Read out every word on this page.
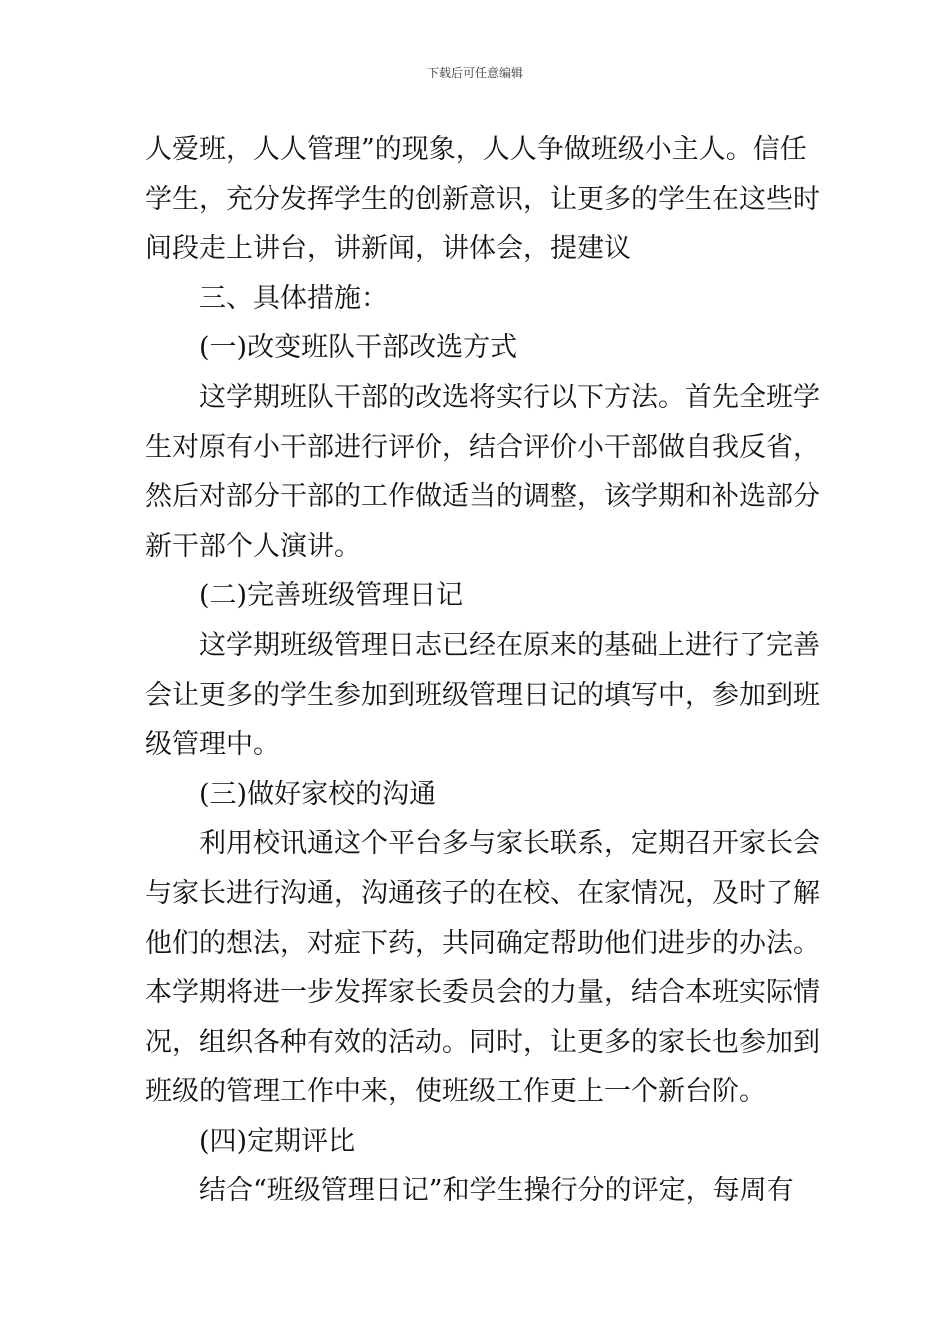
下载后可任意编辑
人爱班，人人管理”的现象，人人争做班级小主人。信任
学生，充分发挥学生的创新意识，让更多的学生在这些时
间段走上讲台，讲新闻，讲体会，提建议
三、具体措施：
(一)改变班队干部改选方式
这学期班队干部的改选将实行以下方法。首先全班学
生对原有小干部进行评价，结合评价小干部做自我反省，
然后对部分干部的工作做适当的调整，该学期和补选部分
新干部个人演讲。
(二)完善班级管理日记
这学期班级管理日志已经在原来的基础上进行了完善
会让更多的学生参加到班级管理日记的填写中，参加到班
级管理中。
(三)做好家校的沟通
利用校讯通这个平台多与家长联系，定期召开家长会
与家长进行沟通，沟通孩子的在校、在家情况，及时了解
他们的想法，对症下药，共同确定帮助他们进步的办法。
本学期将进一步发挥家长委员会的力量，结合本班实际情
况，组织各种有效的活动。同时，让更多的家长也参加到
班级的管理工作中来，使班级工作更上一个新台阶。
(四)定期评比
结合“班级管理日记”和学生操行分的评定，每周有
